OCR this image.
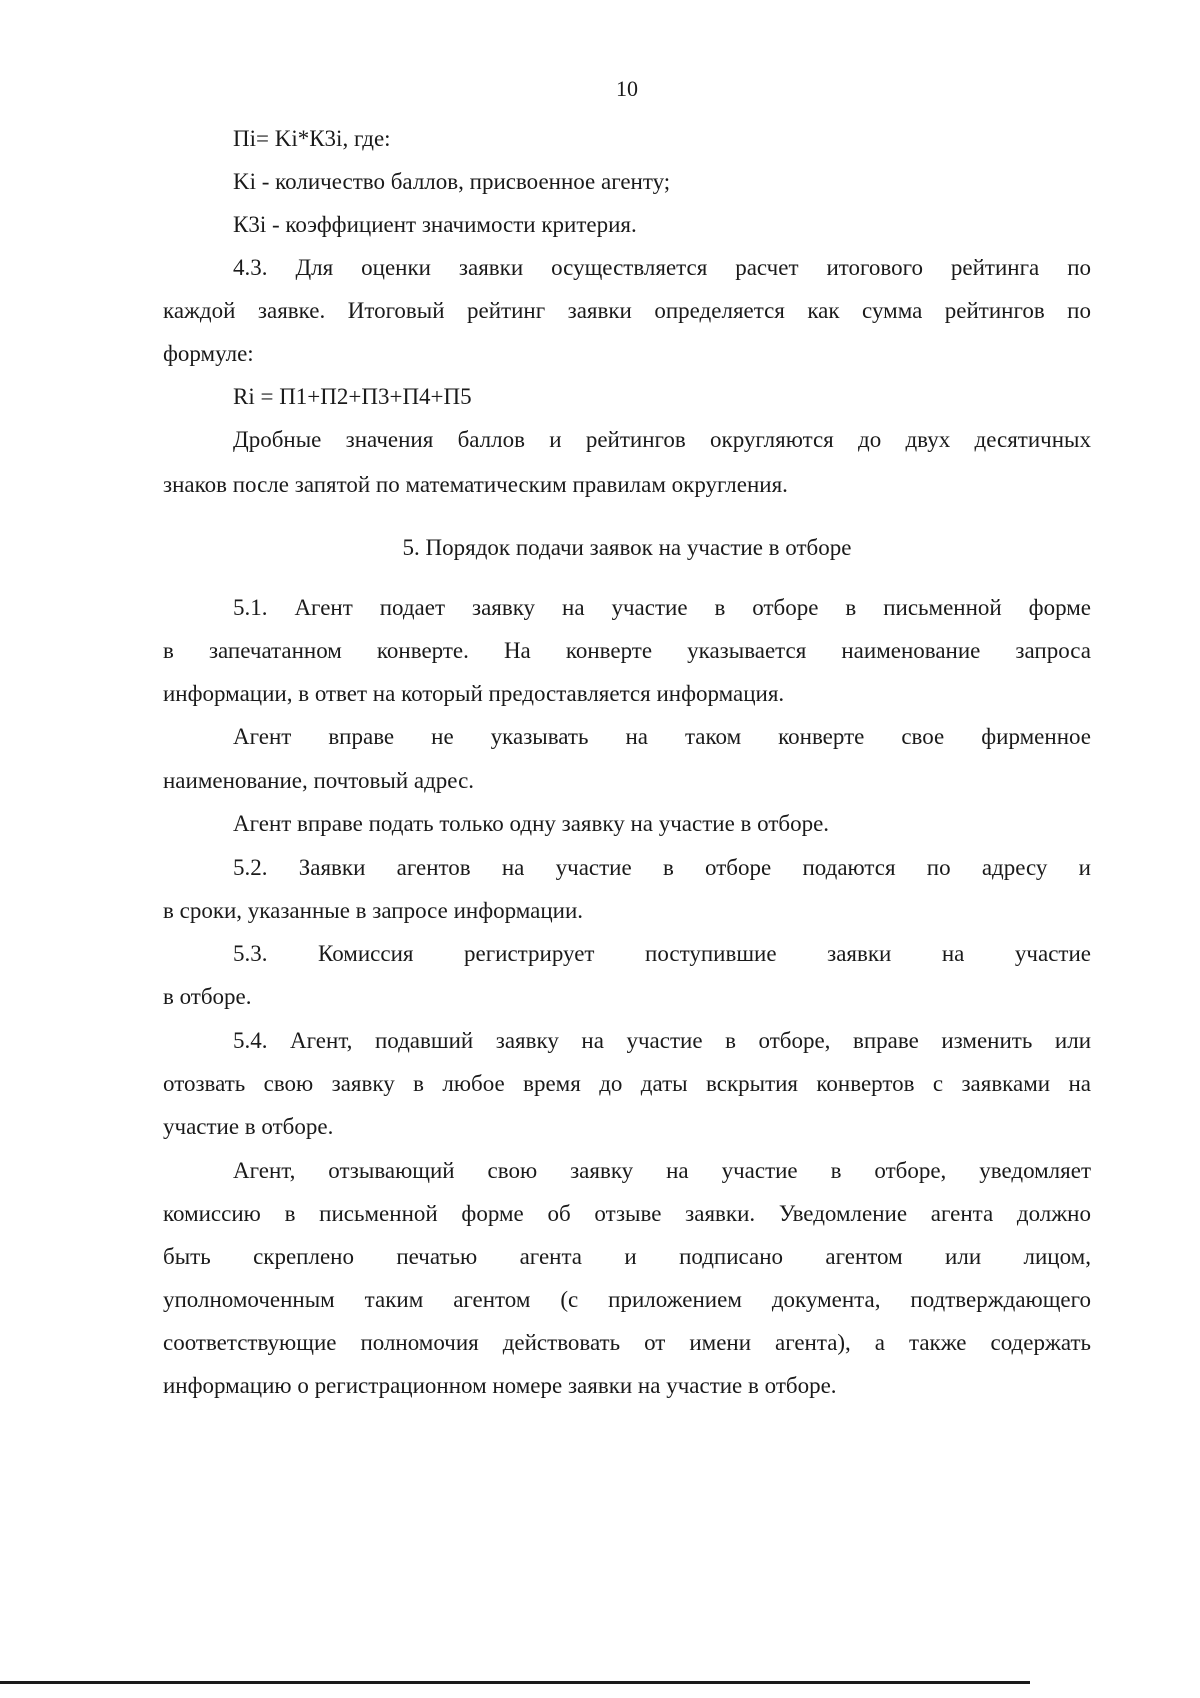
10
Пi= Ki*К3i, где:
Ki - количество баллов, присвоенное агенту;
К3i - коэффициент значимости критерия.
4.3. Для оценки заявки осуществляется расчет итогового рейтинга по
каждой заявке. Итоговый рейтинг заявки определяется как сумма рейтингов по
формуле:
Ri = П1+П2+П3+П4+П5
Дробные значения баллов и рейтингов округляются до двух десятичных
знаков после запятой по математическим правилам округления.
5. Порядок подачи заявок на участие в отборе
5.1. Агент подает заявку на участие в отборе в письменной форме
в запечатанном конверте. На конверте указывается наименование запроса
информации, в ответ на который предоставляется информация.
Агент вправе не указывать на таком конверте свое фирменное
наименование, почтовый адрес.
Агент вправе подать только одну заявку на участие в отборе.
5.2. Заявки агентов на участие в отборе подаются по адресу и
в сроки, указанные в запросе информации.
5.3. Комиссия регистрирует поступившие заявки на участие
в отборе.
5.4. Агент, подавший заявку на участие в отборе, вправе изменить или
отозвать свою заявку в любое время до даты вскрытия конвертов с заявками на
участие в отборе.
Агент, отзывающий свою заявку на участие в отборе, уведомляет
комиссию в письменной форме об отзыве заявки. Уведомление агента должно
быть скреплено печатью агента и подписано агентом или лицом,
уполномоченным таким агентом (с приложением документа, подтверждающего
соответствующие полномочия действовать от имени агента), а также содержать
информацию о регистрационном номере заявки на участие в отборе.
